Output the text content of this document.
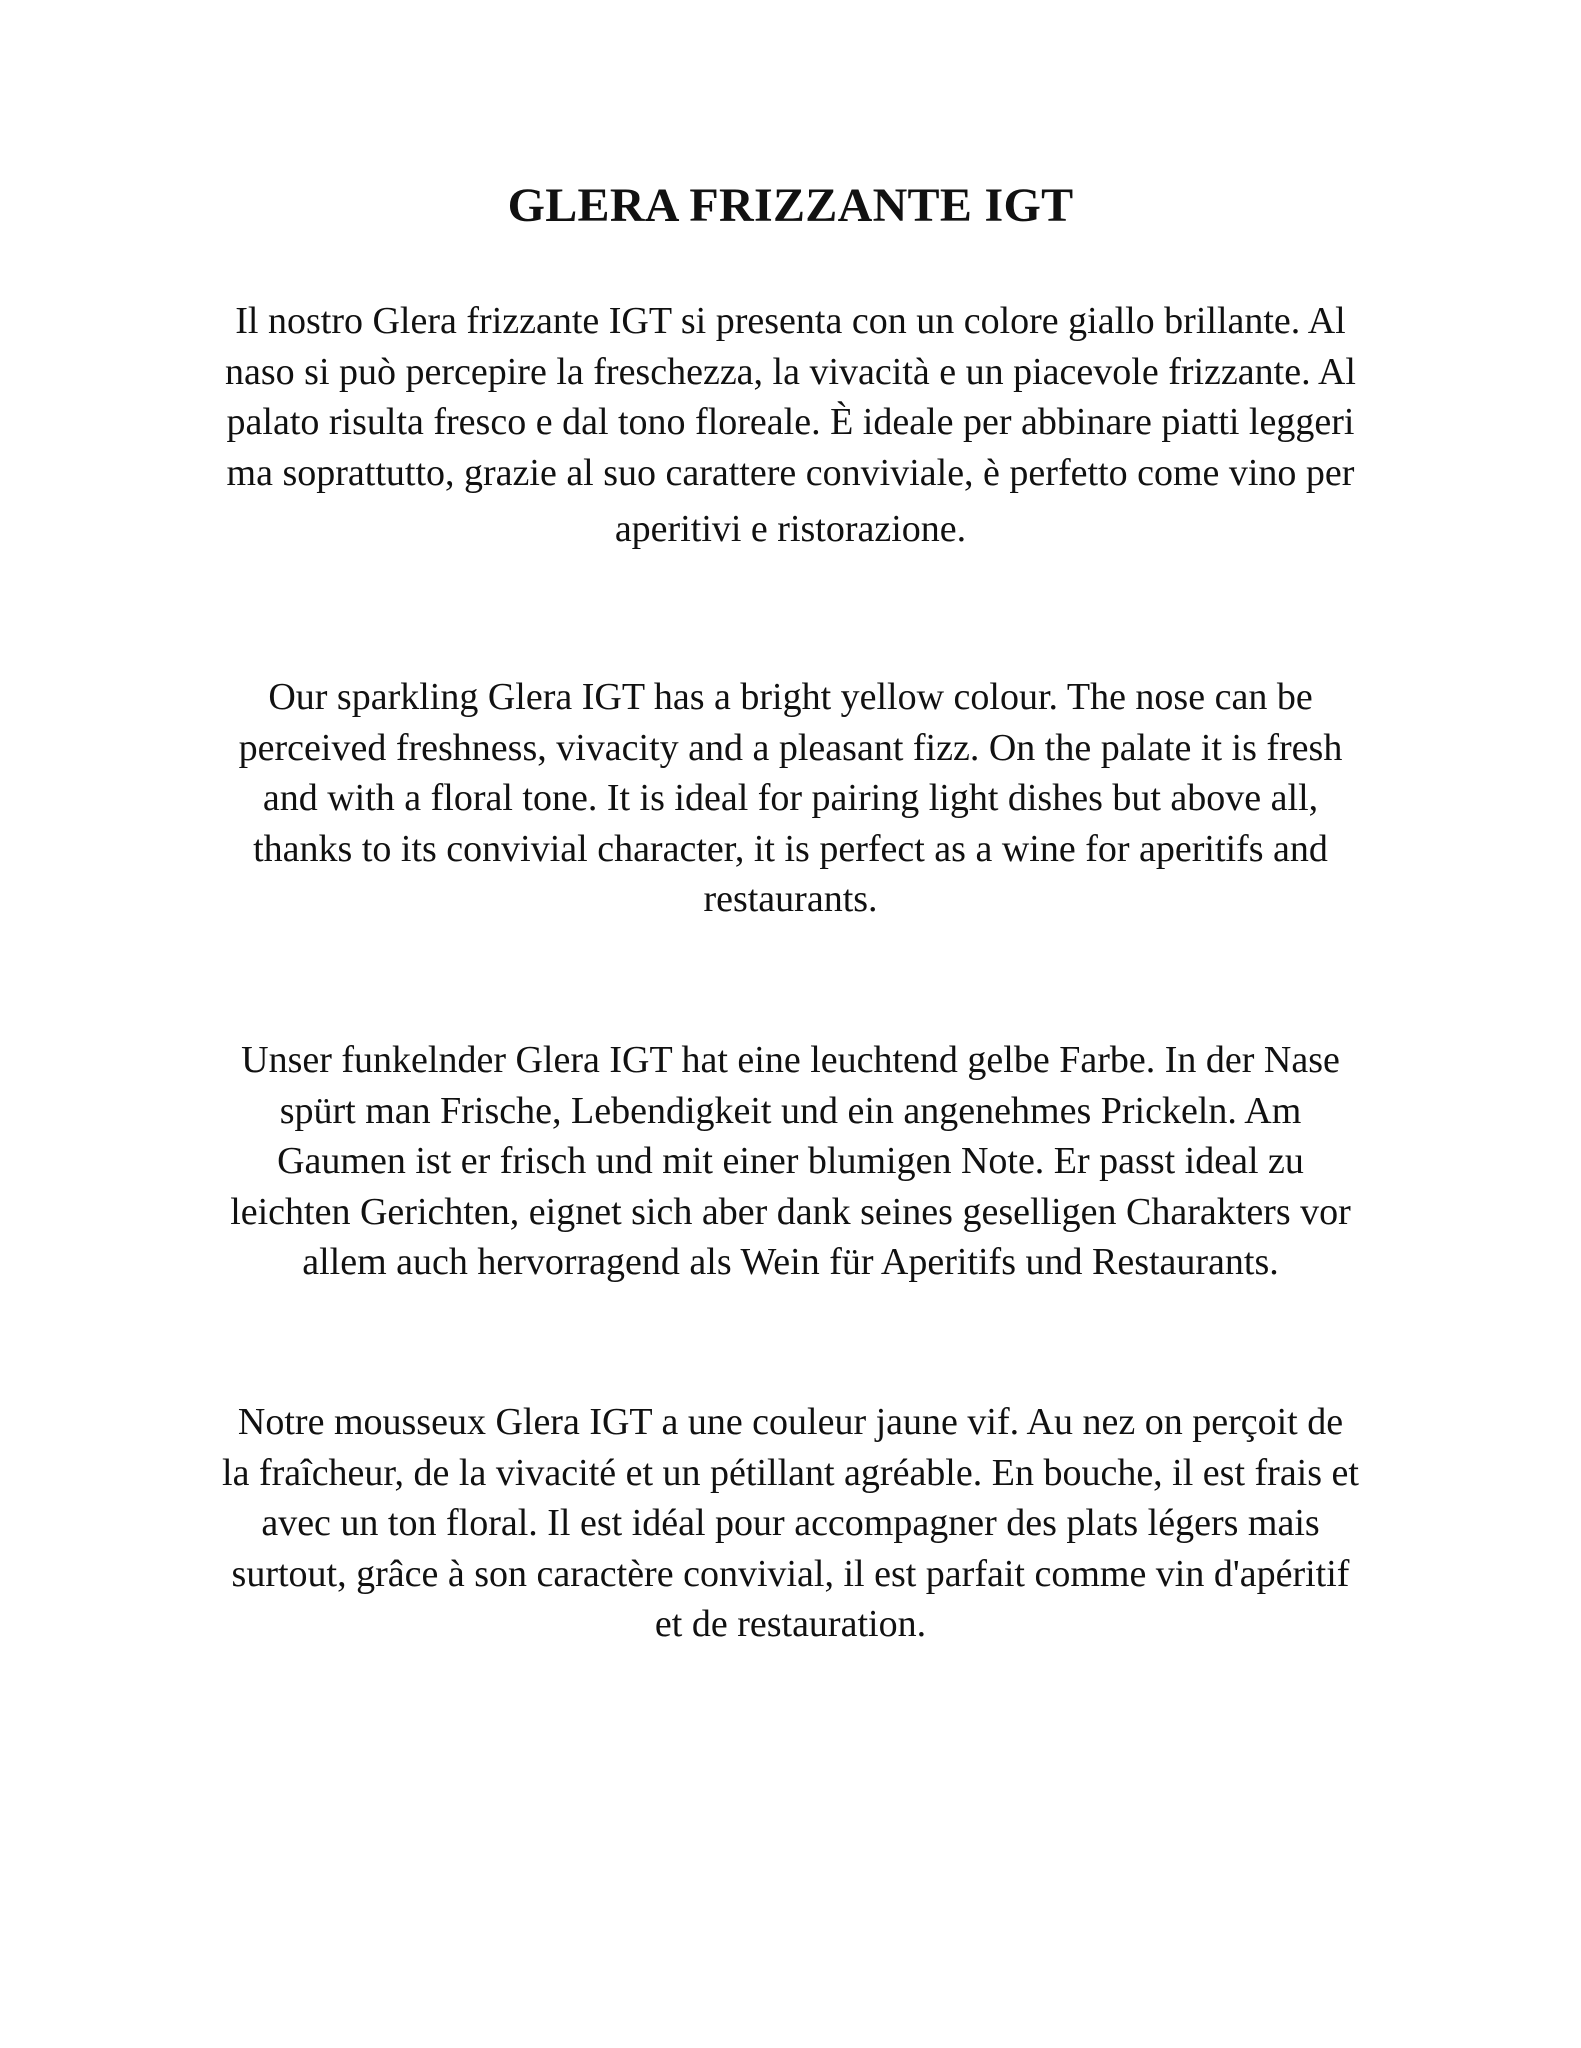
GLERA FRIZZANTE IGT

Il nostro Glera frizzante IGT si presenta con un colore giallo brillante. Al
naso si può percepire la freschezza, la vivacità e un piacevole frizzante. Al
palato risulta fresco e dal tono floreale. È ideale per abbinare piatti leggeri
ma soprattutto, grazie al suo carattere conviviale, è perfetto come vino per
aperitivi e ristorazione.

Our sparkling Glera IGT has a bright yellow colour. The nose can be
perceived freshness, vivacity and a pleasant fizz. On the palate it is fresh
and with a floral tone. It is ideal for pairing light dishes but above all,
thanks to its convivial character, it is perfect as a wine for aperitifs and
restaurants.

Unser funkelnder Glera IGT hat eine leuchtend gelbe Farbe. In der Nase
spürt man Frische, Lebendigkeit und ein angenehmes Prickeln. Am
Gaumen ist er frisch und mit einer blumigen Note. Er passt ideal zu
leichten Gerichten, eignet sich aber dank seines geselligen Charakters vor
allem auch hervorragend als Wein für Aperitifs und Restaurants.

Notre mousseux Glera IGT a une couleur jaune vif. Au nez on perçoit de
la fraîcheur, de la vivacité et un pétillant agréable. En bouche, il est frais et
avec un ton floral. Il est idéal pour accompagner des plats légers mais
surtout, grâce à son caractère convivial, il est parfait comme vin d'apéritif
et de restauration.
